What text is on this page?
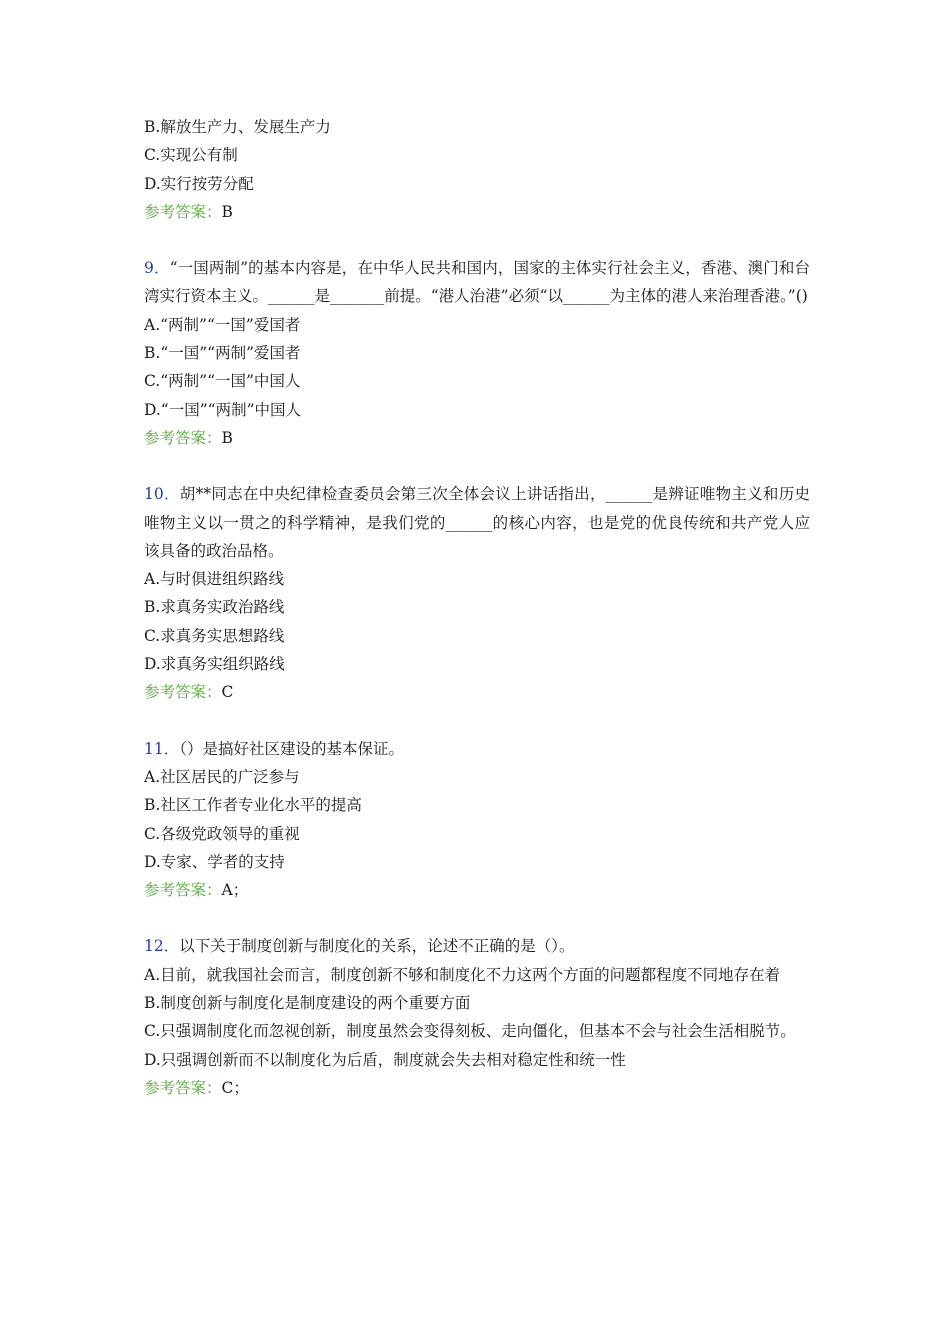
B.解放生产力、发展生产力
C.实现公有制
D.实行按劳分配
参考答案：B
9．“一国两制”的基本内容是，在中华人民共和国内，国家的主体实行社会主义，香港、澳门和台湾实行资本主义。______是_______前提。“港人治港”必须“以______为主体的港人来治理香港。”()
A.“两制”“一国”爱国者
B.“一国”“两制”爱国者
C.“两制”“一国”中国人
D.“一国”“两制”中国人
参考答案：B
10．胡**同志在中央纪律检查委员会第三次全体会议上讲话指出，______是辨证唯物主义和历史唯物主义以一贯之的科学精神，是我们党的______的核心内容，也是党的优良传统和共产党人应该具备的政治品格。
A.与时俱进组织路线
B.求真务实政治路线
C.求真务实思想路线
D.求真务实组织路线
参考答案：C
11．（）是搞好社区建设的基本保证。
A.社区居民的广泛参与
B.社区工作者专业化水平的提高
C.各级党政领导的重视
D.专家、学者的支持
参考答案：A；
12．以下关于制度创新与制度化的关系，论述不正确的是（）。
A.目前，就我国社会而言，制度创新不够和制度化不力这两个方面的问题都程度不同地存在着
B.制度创新与制度化是制度建设的两个重要方面
C.只强调制度化而忽视创新，制度虽然会变得刻板、走向僵化，但基本不会与社会生活相脱节。
D.只强调创新而不以制度化为后盾，制度就会失去相对稳定性和统一性
参考答案：C；
